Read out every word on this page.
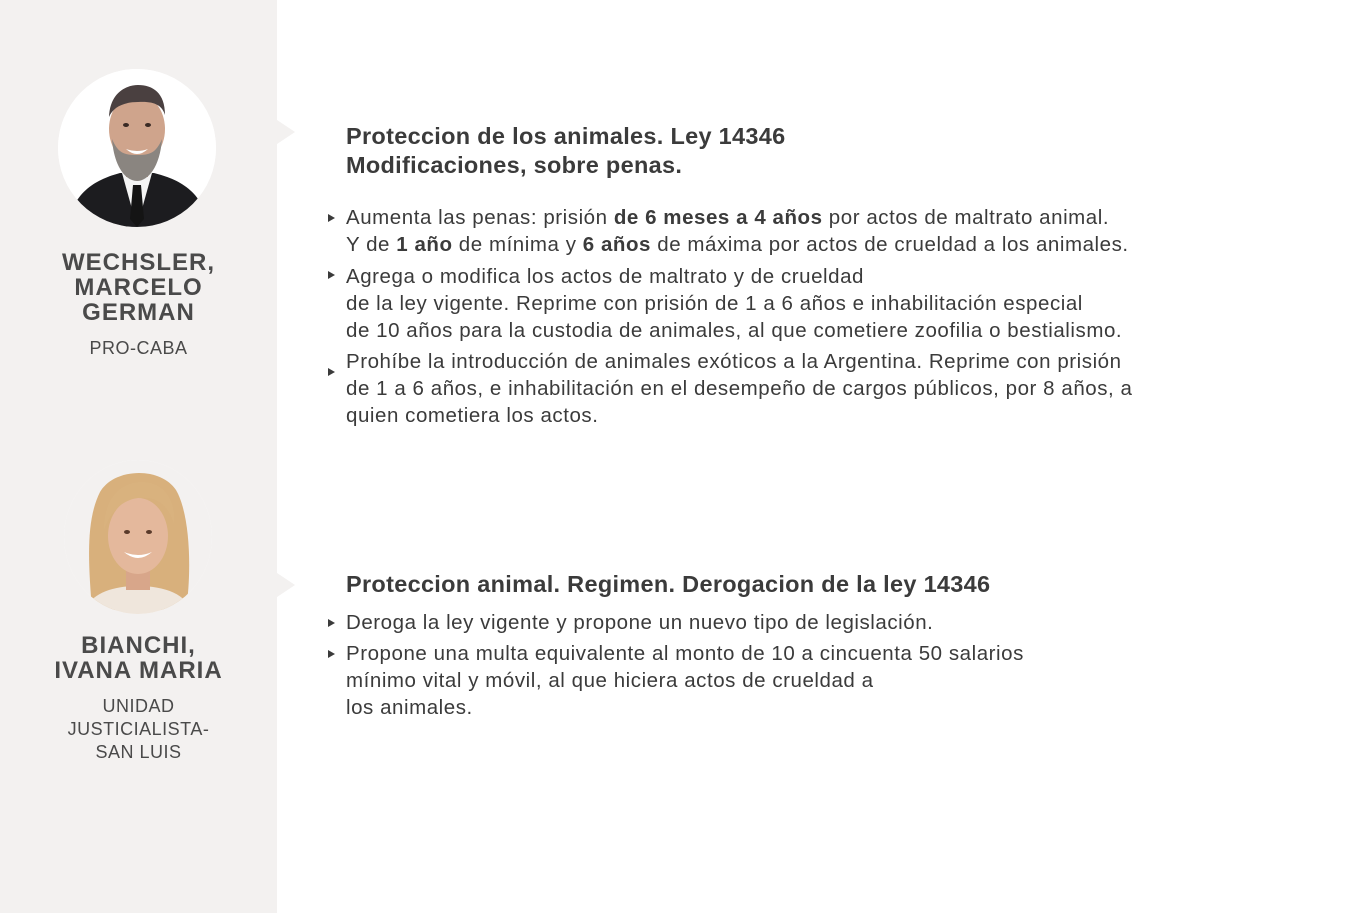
WECHSLER,
MARCELO
GERMAN

PRO-CABA

Proteccion de los animales. Ley 14346
Modificaciones, sobre penas.
Aumenta las penas: prisión de 6 meses a 4 años por actos de maltrato animal.
Y de 1 año de mínima y 6 años de máxima por actos de crueldad a los animales.
Agrega o modifica los actos de maltrato y de crueldad
de la ley vigente. Reprime con prisión de 1 a 6 años e inhabilitación especial
de 10 años para la custodia de animales, al que cometiere zoofilia o bestialismo.
Prohíbe la introducción de animales exóticos a la Argentina. Reprime con prisión
de 1 a 6 años, e inhabilitación en el desempeño de cargos públicos, por 8 años, a
quien cometiera los actos.

BIANCHI,
IVANA MARIA

UNIDAD
JUSTICIALISTA-
SAN LUIS

Proteccion animal. Regimen. Derogacion de la ley 14346
Deroga la ley vigente y propone un nuevo tipo de legislación.
Propone una multa equivalente al monto de 10 a cincuenta 50 salarios
mínimo vital y móvil, al que hiciera actos de crueldad a
los animales.
